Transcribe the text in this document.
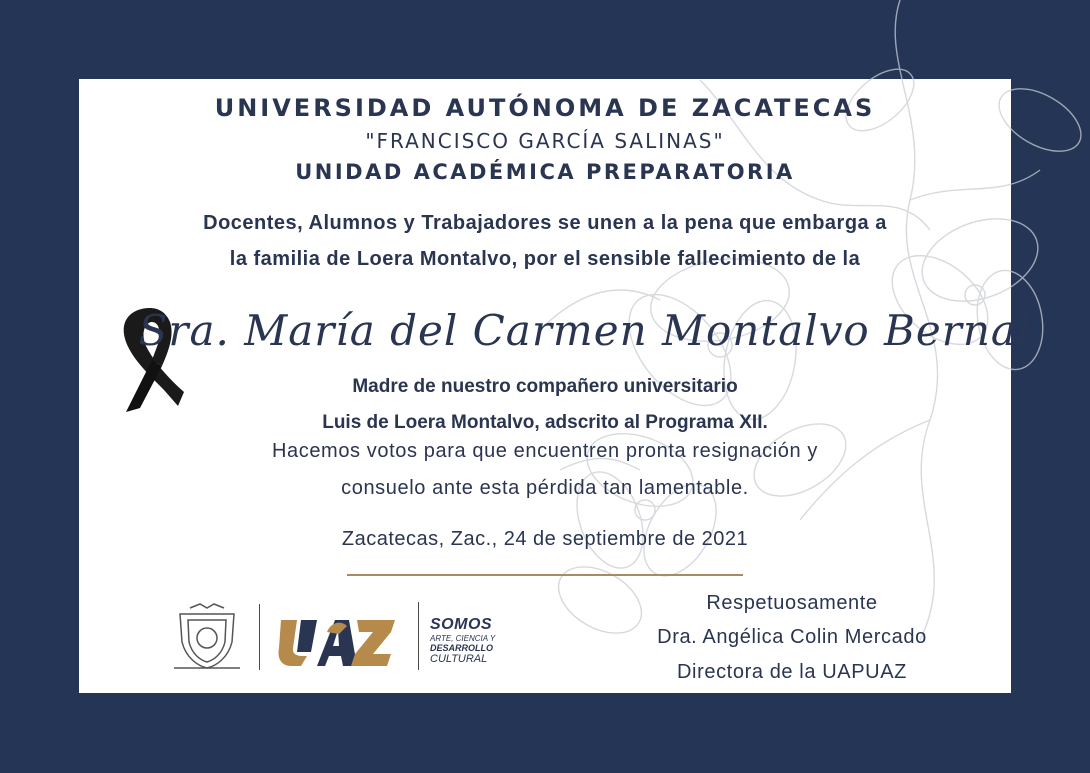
UNIVERSIDAD AUTÓNOMA DE ZACATECAS
"FRANCISCO GARCÍA SALINAS"
UNIDAD ACADÉMICA PREPARATORIA
Docentes, Alumnos y Trabajadores se unen a la pena que embarga a
la familia de Loera Montalvo, por el sensible fallecimiento de la
Sra. María del Carmen Montalvo Bernal
Madre de nuestro compañero universitario
Luis de Loera Montalvo, adscrito al Programa XII.
Hacemos votos para que encuentren pronta resignación y
consuelo ante esta pérdida tan lamentable.
Zacatecas, Zac., 24 de septiembre de 2021
SOMOS
ARTE, CIENCIA Y
DESARROLLO
CULTURAL
Respetuosamente
Dra. Angélica Colin Mercado
Directora de la UAPUAZ
